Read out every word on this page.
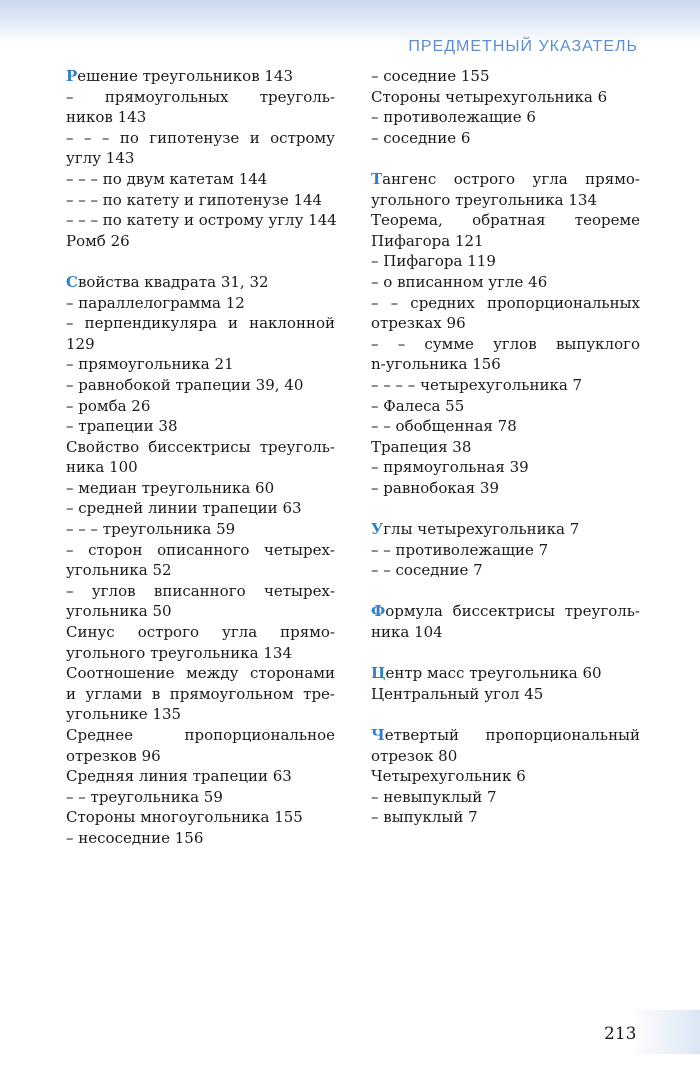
ПРЕДМЕТНЫЙ УКАЗАТЕЛЬ
Решение треугольников 143
– прямоугольных треуголь-
ников 143
– – – по гипотенузе и острому
углу 143
– – – по двум катетам 144
– – – по катету и гипотенузе 144
– – – по катету и острому углу 144
Ромб 26
Свойства квадрата 31, 32
– параллелограмма 12
– перпендикуляра и наклонной
129
– прямоугольника 21
– равнобокой трапеции 39, 40
– ромба 26
– трапеции 38
Свойство биссектрисы треуголь-
ника 100
– медиан треугольника 60
– средней линии трапеции 63
– – – треугольника 59
– сторон описанного четырех-
угольника 52
– углов вписанного четырех-
угольника 50
Синус острого угла прямо-
угольного треугольника 134
Соотношение между сторонами
и углами в прямоугольном тре-
угольнике 135
Среднее пропорциональное
отрезков 96
Средняя линия трапеции 63
– – треугольника 59
Стороны многоугольника 155
– несоседние 156
– соседние 155
Стороны четырехугольника 6
– противолежащие 6
– соседние 6
Тангенс острого угла прямо-
угольного треугольника 134
Теорема, обратная теореме
Пифагора 121
– Пифагора 119
– о вписанном угле 46
– – средних пропорциональных
отрезках 96
– – сумме углов выпуклого
n-угольника 156
– – – – четырехугольника 7
– Фалеса 55
– – обобщенная 78
Трапеция 38
– прямоугольная 39
– равнобокая 39
Углы четырехугольника 7
– – противолежащие 7
– – соседние 7
Формула биссектрисы треуголь-
ника 104
Центр масс треугольника 60
Центральный угол 45
Четвертый пропорциональный
отрезок 80
Четырехугольник 6
– невыпуклый 7
– выпуклый 7
213
